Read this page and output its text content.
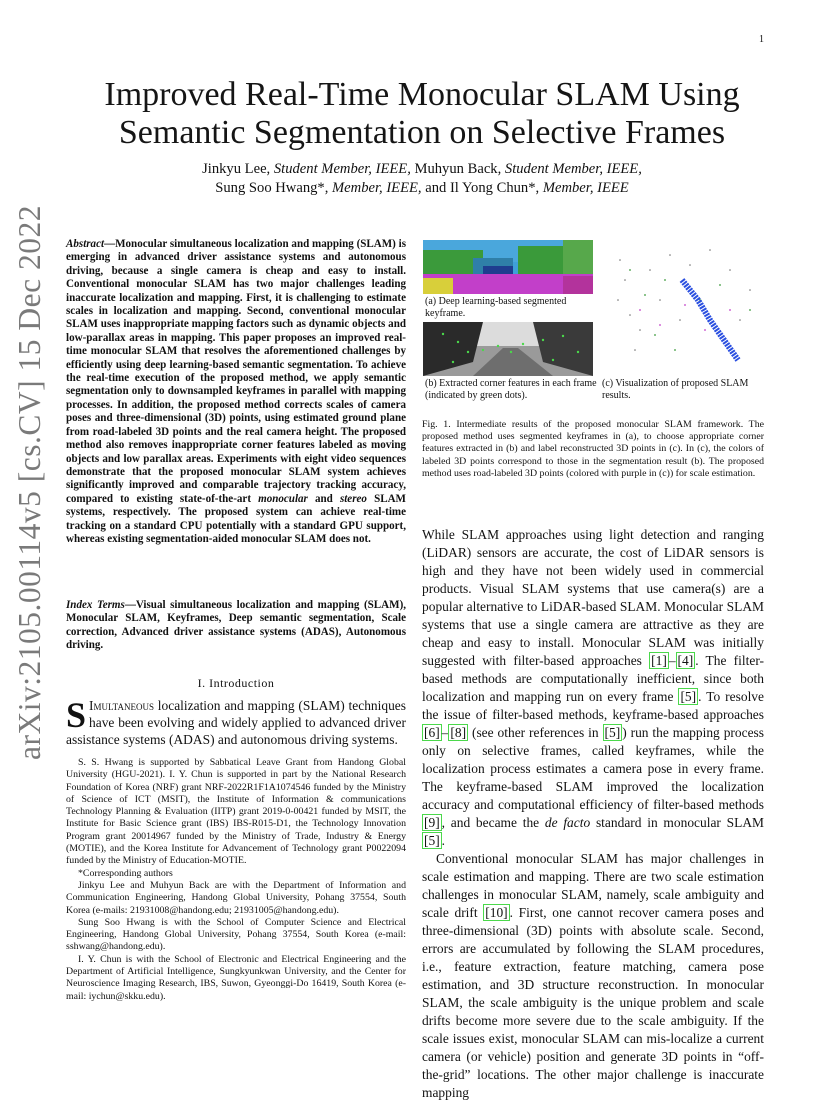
1
arXiv:2105.00114v5 [cs.CV] 15 Dec 2022
Improved Real-Time Monocular SLAM Using
Semantic Segmentation on Selective Frames
Jinkyu Lee, Student Member, IEEE, Muhyun Back, Student Member, IEEE,
Sung Soo Hwang*, Member, IEEE, and Il Yong Chun*, Member, IEEE
Abstract—Monocular simultaneous localization and mapping (SLAM) is emerging in advanced driver assistance systems and autonomous driving, because a single camera is cheap and easy to install. Conventional monocular SLAM has two major challenges leading inaccurate localization and mapping. First, it is challenging to estimate scales in localization and mapping. Second, conventional monocular SLAM uses inappropriate mapping factors such as dynamic objects and low-parallax areas in mapping. This paper proposes an improved real-time monocular SLAM that resolves the aforementioned challenges by efficiently using deep learning-based semantic segmentation. To achieve the real-time execution of the proposed method, we apply semantic segmentation only to downsampled keyframes in parallel with mapping processes. In addition, the proposed method corrects scales of camera poses and three-dimensional (3D) points, using estimated ground plane from road-labeled 3D points and the real camera height. The proposed method also removes inappropriate corner features labeled as moving objects and low parallax areas. Experiments with eight video sequences demonstrate that the proposed monocular SLAM system achieves significantly improved and comparable trajectory tracking accuracy, compared to existing state-of-the-art monocular and stereo SLAM systems, respectively. The proposed system can achieve real-time tracking on a standard CPU potentially with a standard GPU support, whereas existing segmentation-aided monocular SLAM does not.
Index Terms—Visual simultaneous localization and mapping (SLAM), Monocular SLAM, Keyframes, Deep semantic segmentation, Scale correction, Advanced driver assistance systems (ADAS), Autonomous driving.
I. Introduction
S Imultaneous localization and mapping (SLAM) techniques have been evolving and widely applied to advanced driver assistance systems (ADAS) and autonomous driving systems.

S. S. Hwang is supported by Sabbatical Leave Grant from Handong Global University (HGU-2021). I. Y. Chun is supported in part by the National Research Foundation of Korea (NRF) grant NRF-2022R1F1A1074546 funded by the Ministry of Science of ICT (MSIT), the Institute of Information & communications Technology Planning & Evaluation (IITP) grant 2019-0-00421 funded by MSIT, the Institute for Basic Science grant (IBS) IBS-R015-D1, the Technology Innovation Program grant 20014967 funded by the Ministry of Trade, Industry & Energy (MOTIE), and the Korea Institute for Advancement of Technology grant P0022094 funded by the Ministry of Education-MOTIE.

*Corresponding authors

Jinkyu Lee and Muhyun Back are with the Department of Information and Communication Engineering, Handong Global University, Pohang 37554, South Korea (e-mails: 21931008@handong.edu; 21931005@handong.edu).

Sung Soo Hwang is with the School of Computer Science and Electrical Engineering, Handong Global University, Pohang 37554, South Korea (e-mail: sshwang@handong.edu).

I. Y. Chun is with the School of Electronic and Electrical Engineering and the Department of Artificial Intelligence, Sungkyunkwan University, and the Center for Neuroscience Imaging Research, IBS, Suwon, Gyeonggi-Do 16419, South Korea (e-mail: iychun@skku.edu).

(a) Deep learning-based segmented keyframe.
(b) Extracted corner features in each frame (indicated by green dots).
(c) Visualization of proposed SLAM results.
Fig. 1. Intermediate results of the proposed monocular SLAM framework. The proposed method uses segmented keyframes in (a), to choose appropriate corner features extracted in (b) and label reconstructed 3D points in (c). In (c), the colors of labeled 3D points correspond to those in the segmentation result (b). The proposed method uses road-labeled 3D points (colored with purple in (c)) for scale estimation.

While SLAM approaches using light detection and ranging (LiDAR) sensors are accurate, the cost of LiDAR sensors is high and they have not been widely used in commercial products. Visual SLAM systems that use camera(s) are a popular alternative to LiDAR-based SLAM. Monocular SLAM systems that use a single camera are attractive as they are cheap and easy to install. Monocular SLAM was initially suggested with filter-based approaches [1] – [4] . The filter-based methods are computationally inefficient, since both localization and mapping run on every frame [5] . To resolve the issue of filter-based methods, keyframe-based approaches [6] – [8] (see other references in [5] ) run the mapping process only on selective frames, called keyframes, while the localization process estimates a camera pose in every frame. The keyframe-based SLAM improved the localization accuracy and computational efficiency of filter-based methods [9] , and became the de facto standard in monocular SLAM [5] .

Conventional monocular SLAM has major challenges in scale estimation and mapping. There are two scale estimation challenges in monocular SLAM, namely, scale ambiguity and scale drift [10] . First, one cannot recover camera poses and three-dimensional (3D) points with absolute scale. Second, errors are accumulated by following the SLAM procedures, i.e., feature extraction, feature matching, camera pose estimation, and 3D structure reconstruction. In monocular SLAM, the scale ambiguity is the unique problem and scale drifts become more severe due to the scale ambiguity. If the scale issues exist, monocular SLAM can mis-localize a current camera (or vehicle) position and generate 3D points in “off-the-grid” locations. The other major challenge is inaccurate mapping
